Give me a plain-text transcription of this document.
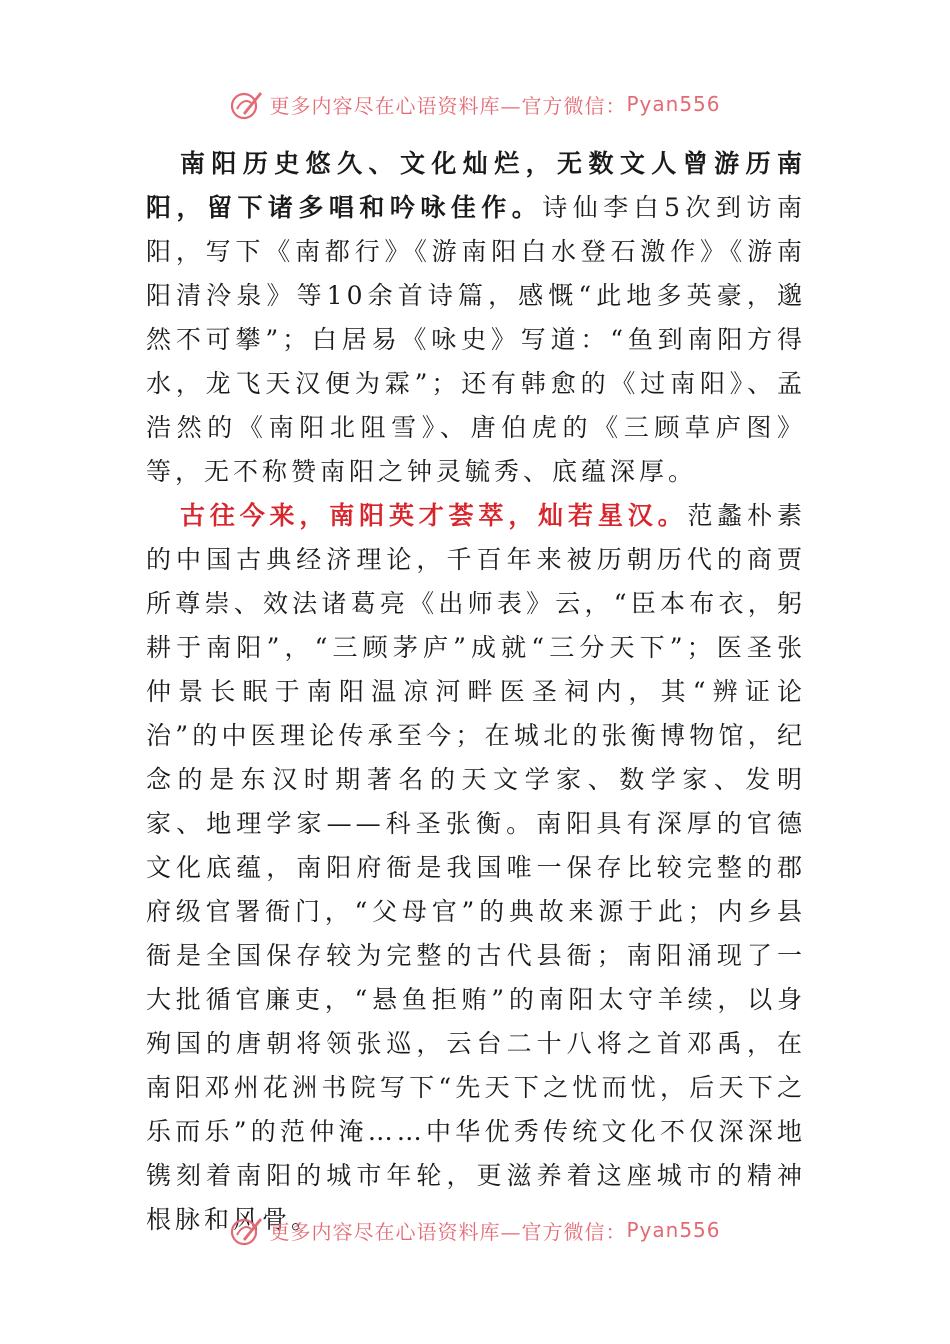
更多内容尽在心语资料库— 官方微信： Pyan556

南阳历史悠久、文化灿烂，无数文人曾游历南阳，留下诸多唱和吟咏佳作。诗仙李白5次到访南阳，写下《南都行》《游南阳白水登石激作》《游南阳清泠泉》等10余首诗篇，感慨“此地多英豪，邈然不可攀”；白居易《咏史》写道：“鱼到南阳方得水，龙飞天汉便为霖”；还有韩愈的《过南阳》、孟浩然的《南阳北阻雪》、唐伯虎的《三顾草庐图》等，无不称赞南阳之钟灵毓秀、底蕴深厚。

古往今来，南阳英才荟萃，灿若星汉。范蠡朴素的中国古典经济理论，千百年来被历朝历代的商贾所尊崇、效法诸葛亮《出师表》云，“臣本布衣，躬耕于南阳”，“三顾茅庐”成就“三分天下”；医圣张仲景长眠于南阳温凉河畔医圣祠内，其“辨证论治”的中医理论传承至今；在城北的张衡博物馆，纪念的是东汉时期著名的天文学家、数学家、发明家、地理学家——科圣张衡。南阳具有深厚的官德文化底蕴，南阳府衙是我国唯一保存比较完整的郡府级官署衙门，“父母官”的典故来源于此；内乡县衙是全国保存较为完整的古代县衙；南阳涌现了一大批循官廉吏，“悬鱼拒贿”的南阳太守羊续，以身殉国的唐朝将领张巡，云台二十八将之首邓禹，在南阳邓州花洲书院写下“先天下之忧而忧，后天下之乐而乐”的范仲淹……中华优秀传统文化不仅深深地镌刻着南阳的城市年轮，更滋养着这座城市的精神根脉和风骨。

更多内容尽在心语资料库— 官方微信： Pyan556
